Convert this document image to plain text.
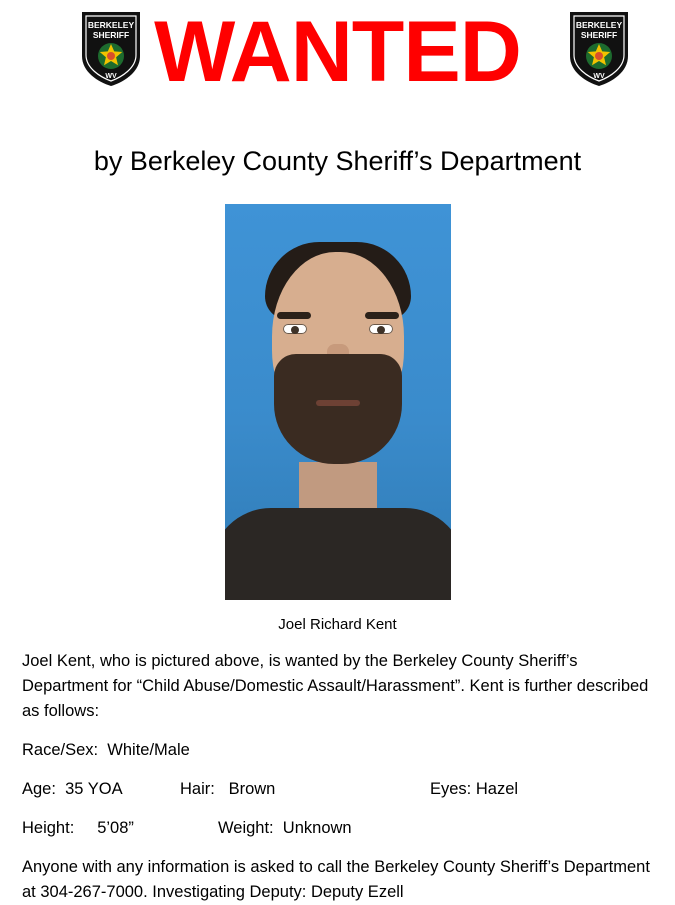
BERKELEY
SHERIFF
WV WANTED	BERKELEY
SHERIFF
WV
by Berkeley County Sheriff’s Department
Joel Richard Kent

Joel Kent, who is pictured above, is wanted by the Berkeley County Sheriff’s Department for “Child Abuse/Domestic Assault/Harassment”. Kent is further described as follows:

Race/Sex:  White/Male
Age:  35 YOA	Hair:   Brown	Eyes: Hazel
Height:     5’08”	Weight:  Unknown
Anyone with any information is asked to call the Berkeley County Sheriff’s Department at 304-267-7000. Investigating Deputy: Deputy Ezell
